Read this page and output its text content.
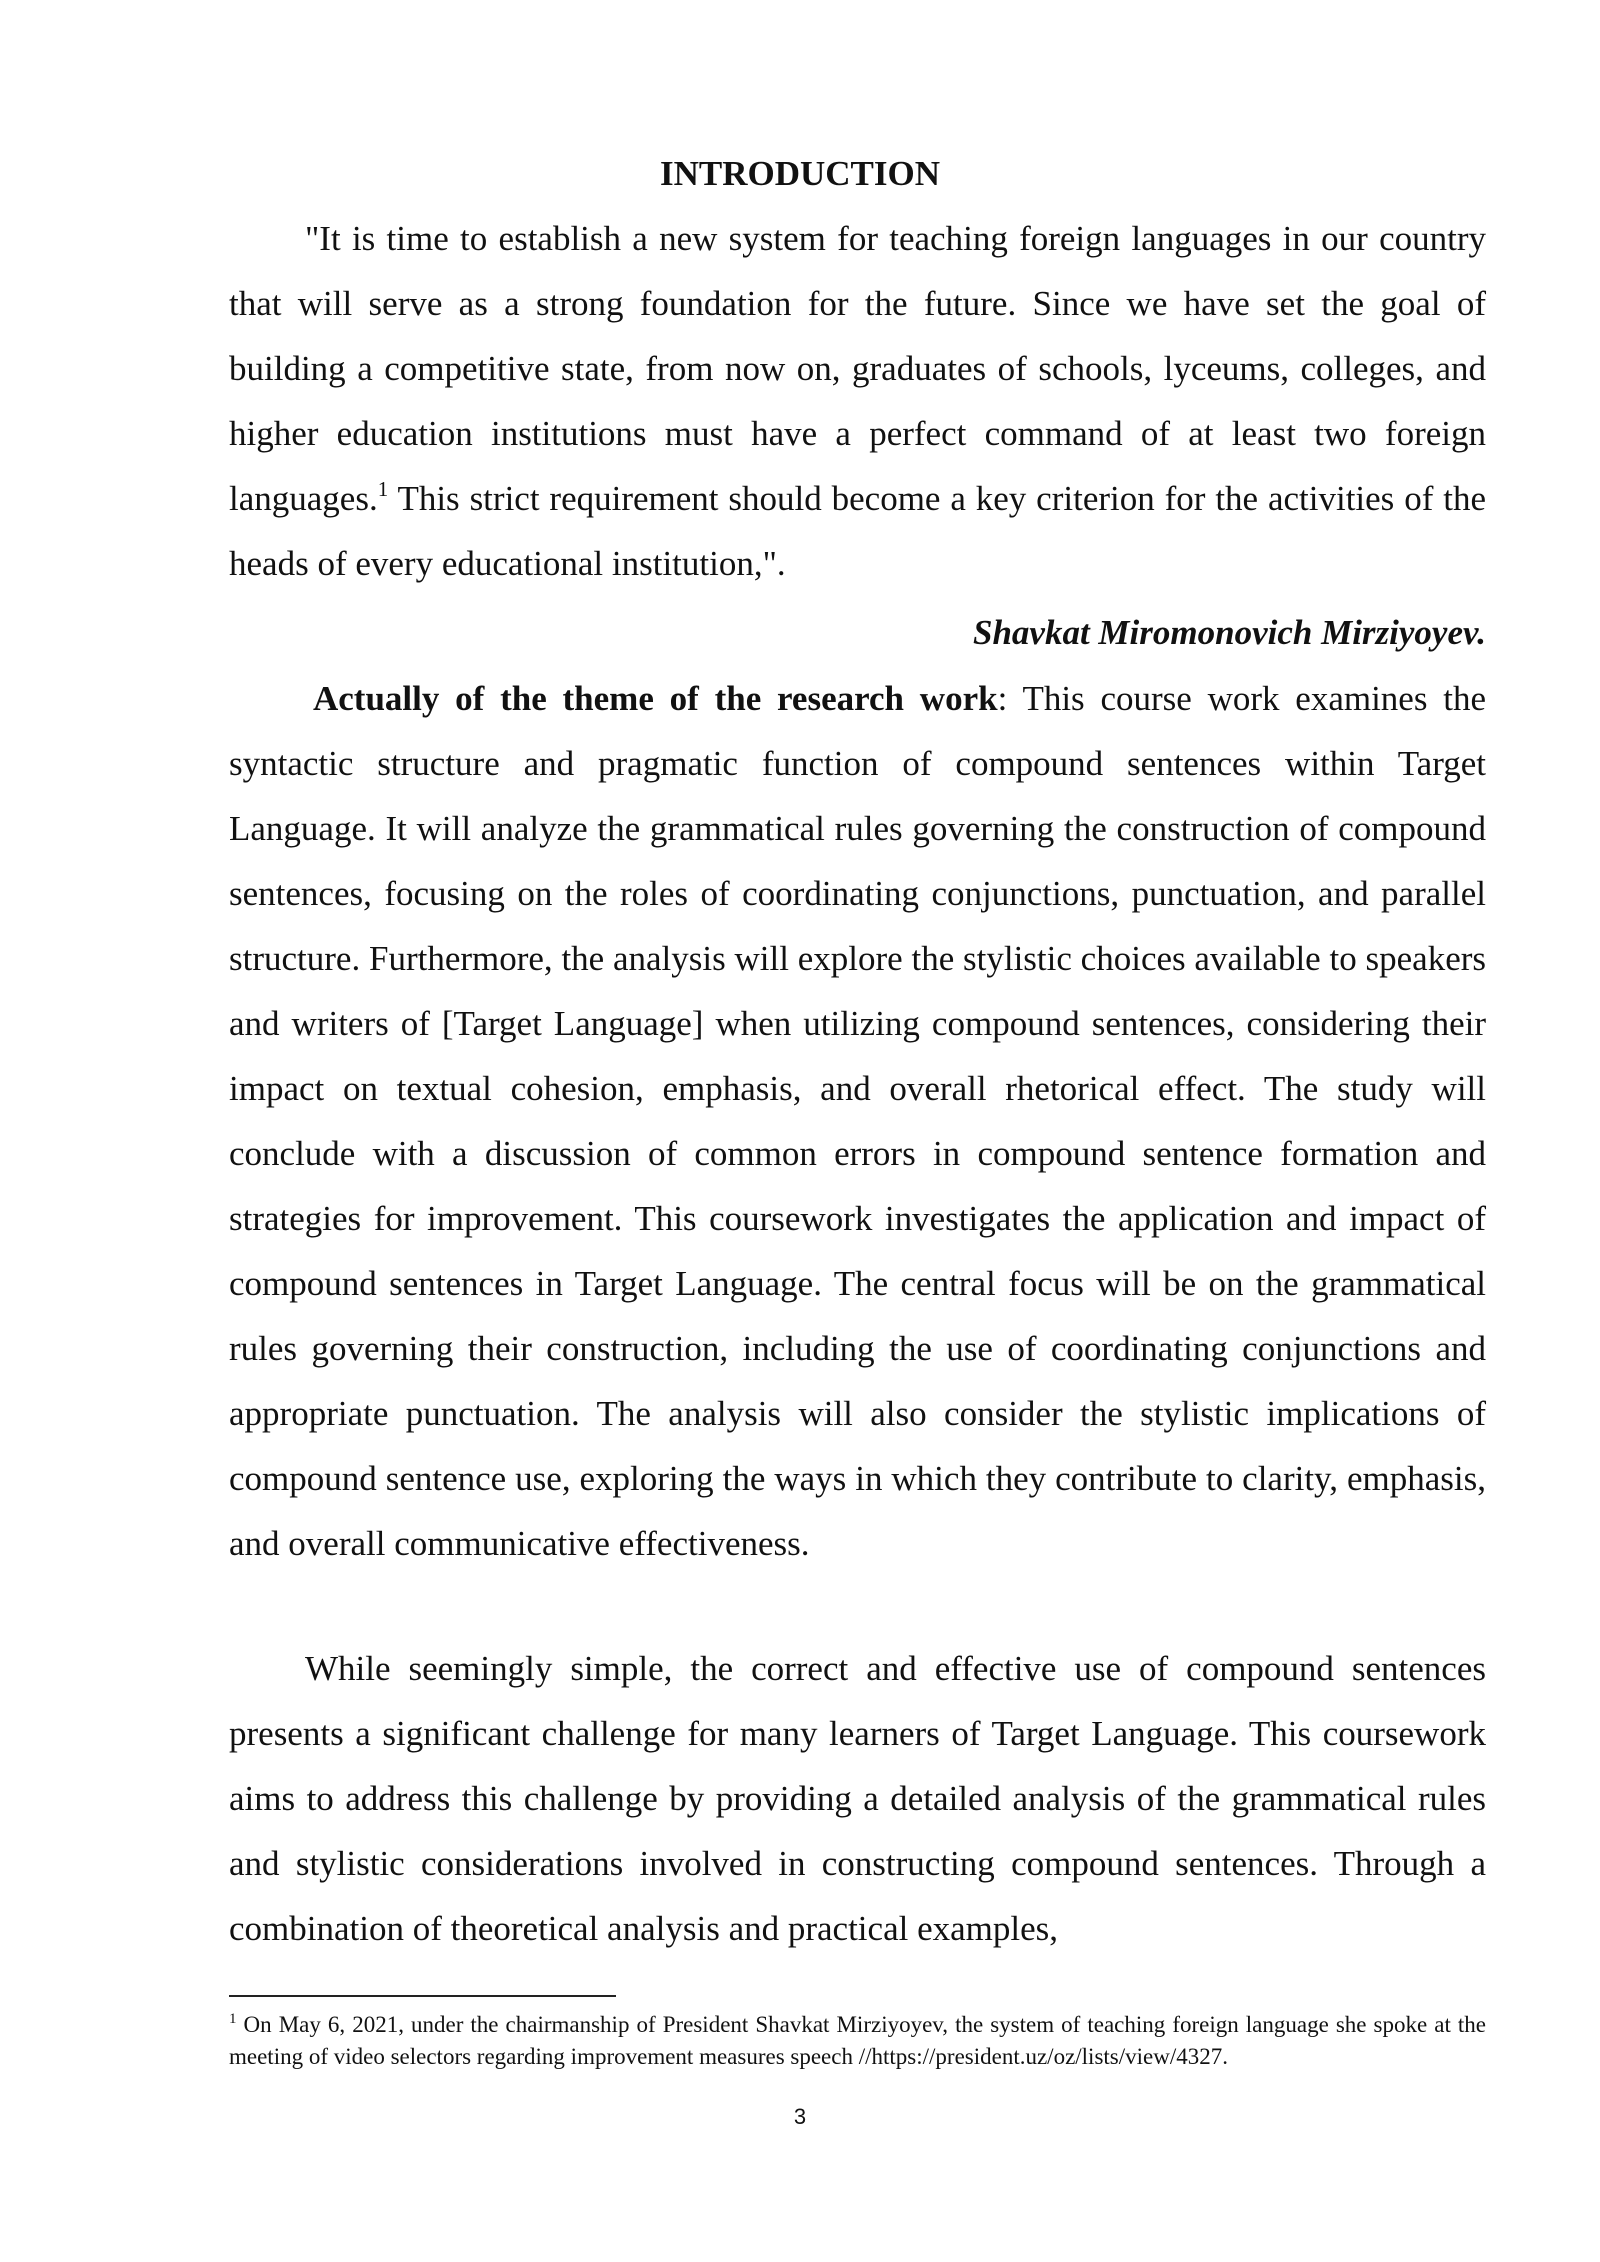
INTRODUCTION

"It is time to establish a new system for teaching foreign languages in our country that will serve as a strong foundation for the future. Since we have set the goal of building a competitive state, from now on, graduates of schools, lyceums, colleges, and higher education institutions must have a perfect command of at least two foreign languages.$^1$ This strict requirement should become a key criterion for the activities of the heads of every educational institution,".

Shavkat Miromonovich Mirziyoyev.

Actually of the theme of the research work: This course work examines the syntactic structure and pragmatic function of compound sentences within Target Language. It will analyze the grammatical rules governing the construction of compound sentences, focusing on the roles of coordinating conjunctions, punctuation, and parallel structure. Furthermore, the analysis will explore the stylistic choices available to speakers and writers of [Target Language] when utilizing compound sentences, considering their impact on textual cohesion, emphasis, and overall rhetorical effect. The study will conclude with a discussion of common errors in compound sentence formation and strategies for improvement. This coursework investigates the application and impact of compound sentences in Target Language. The central focus will be on the grammatical rules governing their construction, including the use of coordinating conjunctions and appropriate punctuation. The analysis will also consider the stylistic implications of compound sentence use, exploring the ways in which they contribute to clarity, emphasis, and overall communicative effectiveness.

While seemingly simple, the correct and effective use of compound sentences presents a significant challenge for many learners of Target Language. This coursework aims to address this challenge by providing a detailed analysis of the grammatical rules and stylistic considerations involved in constructing compound sentences. Through a combination of theoretical analysis and practical examples,

$^1$ On May 6, 2021, under the chairmanship of President Shavkat Mirziyoyev, the system of teaching foreign language she spoke at the meeting of video selectors regarding improvement measures speech //https://president.uz/oz/lists/view/4327.

3
